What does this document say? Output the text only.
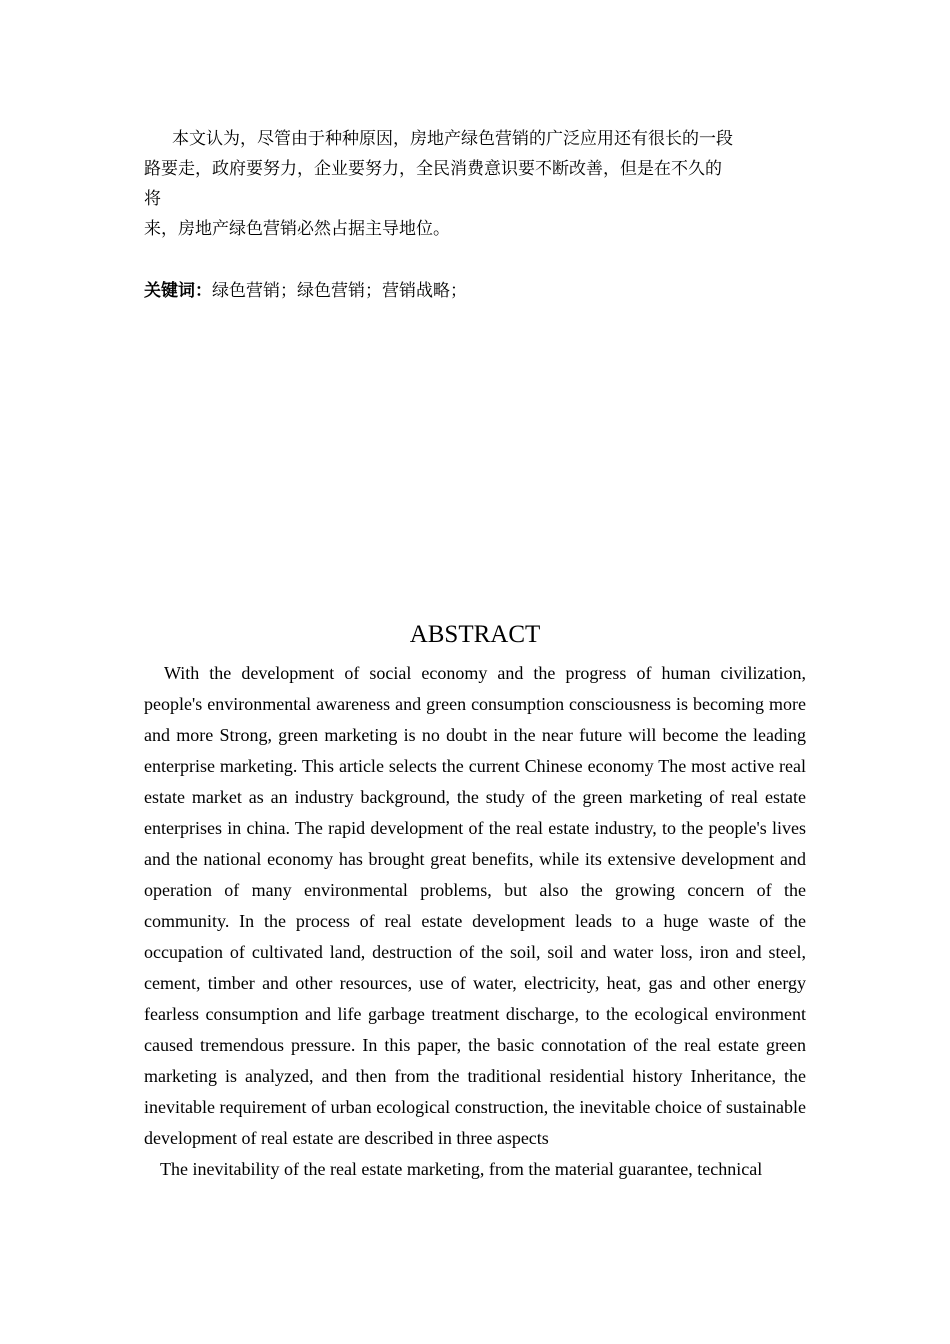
本文认为，尽管由于种种原因，房地产绿色营销的广泛应用还有很长的一段
路要走，政府要努力，企业要努力，全民消费意识要不断改善，但是在不久的
将
来，房地产绿色营销必然占据主导地位。

关键词：绿色营销；绿色营销；营销战略；

ABSTRACT

With the development of social economy and the progress of human civilization, people's environmental awareness and green consumption consciousness is becoming more and more Strong, green marketing is no doubt in the near future will become the leading enterprise marketing. This article selects the current Chinese economy The most active real estate market as an industry background, the study of the green marketing of real estate enterprises in china. The rapid development of the real estate industry, to the people's lives and the national economy has brought great benefits, while its extensive development and operation of many environmental problems, but also the growing concern of the community. In the process of real estate development leads to a huge waste of the occupation of cultivated land, destruction of the soil, soil and water loss, iron and steel, cement, timber and other resources, use of water, electricity, heat, gas and other energy fearless consumption and life garbage treatment discharge, to the ecological environment caused tremendous pressure. In this paper, the basic connotation of the real estate green marketing is analyzed, and then from the traditional residential history Inheritance, the inevitable requirement of urban ecological construction, the inevitable choice of sustainable development of real estate are described in three aspects

The inevitability of the real estate marketing, from the material guarantee, technical
